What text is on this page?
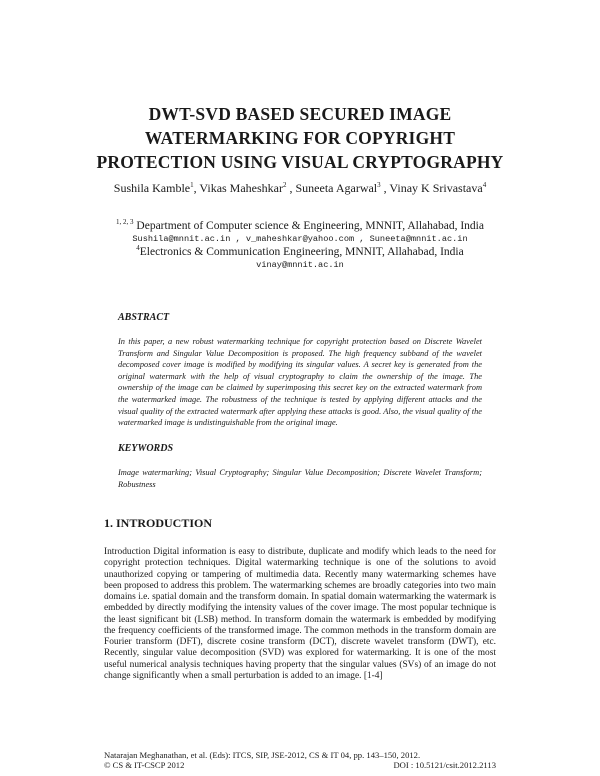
DWT-SVD BASED SECURED IMAGE
WATERMARKING FOR COPYRIGHT
PROTECTION USING VISUAL CRYPTOGRAPHY
Sushila Kamble$^1$, Vikas Maheshkar$^2$ , Suneeta Agarwal$^3$ , Vinay K Srivastava$^4$
$^{1, 2, 3}$ Department of Computer science & Engineering, MNNIT, Allahabad, India
Sushila@mnnit.ac.in , v_maheshkar@yahoo.com , Suneeta@mnnit.ac.in
$^4$Electronics & Communication Engineering, MNNIT, Allahabad, India
vinay@mnnit.ac.in
ABSTRACT
In this paper, a new robust watermarking technique for copyright protection based on Discrete Wavelet Transform and Singular Value Decomposition is proposed. The high frequency subband of the wavelet decomposed cover image is modified by modifying its singular values. A secret key is generated from the original watermark with the help of visual cryptography to claim the ownership of the image. The ownership of the image can be claimed by superimposing this secret key on the extracted watermark from the watermarked image. The robustness of the technique is tested by applying different attacks and the visual quality of the extracted watermark after applying these attacks is good. Also, the visual quality of the watermarked image is undistinguishable from the original image.
KEYWORDS
Image watermarking; Visual Cryptography; Singular Value Decomposition; Discrete Wavelet Transform; Robustness
1. INTRODUCTION
Introduction Digital information is easy to distribute, duplicate and modify which leads to the need for copyright protection techniques. Digital watermarking technique is one of the solutions to avoid unauthorized copying or tampering of multimedia data. Recently many watermarking schemes have been proposed to address this problem. The watermarking schemes are broadly categories into two main domains i.e. spatial domain and the transform domain. In spatial domain watermarking the watermark is embedded by directly modifying the intensity values of the cover image. The most popular technique is the least significant bit (LSB) method. In transform domain the watermark is embedded by modifying the frequency coefficients of the transformed image. The common methods in the transform domain are Fourier transform (DFT), discrete cosine transform (DCT), discrete wavelet transform (DWT), etc. Recently, singular value decomposition (SVD) was explored for watermarking. It is one of the most useful numerical analysis techniques having property that the singular values (SVs) of an image do not change significantly when a small perturbation is added to an image. [1-4]
Natarajan Meghanathan, et al. (Eds): ITCS, SIP, JSE-2012, CS & IT 04, pp. 143–150, 2012.
© CS & IT-CSCP 2012	DOI : 10.5121/csit.2012.2113
